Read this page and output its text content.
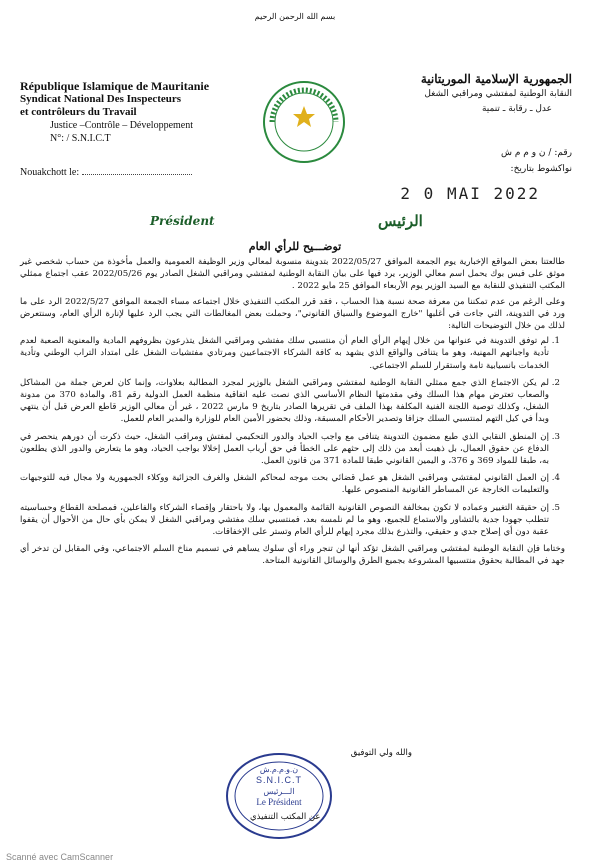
بسم الله الرحمن الرحيم
République Islamique de Mauritanie
Syndicat National Des Inspecteurs
et contrôleurs du Travail
Justice –Contrôle – Développement
N°: / S.N.I.C.T
Nouakchott le:
الجمهورية الإسلامية الموريتانية
النقابة الوطنية لمفتشي ومراقبي الشغل
عدل ـ رقابة ـ تنمية
رقم: / ن و م م ش
نواكشوط بتاريخ:
2 0 MAI 2022
Président	الرئيس
توضـــيح للرأي العام

طالعتنا بعض المواقع الإخبارية يوم الجمعة الموافق 2022/05/27 بتدوينة منسوبة لمعالي وزير الوظيفة العمومية والعمل مأخوذة من حساب شخصي غير موثق على فيس بوك يحمل اسم معالي الوزير، يرد فيها على بيان النقابة الوطنية لمفتشي ومراقبي الشغل الصادر يوم 2022/05/26 عقب اجتماع ممثلي المكتب التنفيذي للنقابة مع السيد الوزير يوم الأربعاء الموافق 25 مايو 2022 .

وعلى الرغم من عدم تمكننا من معرفة صحة نسبة هذا الحساب ، فقد قرر المكتب التنفيذي خلال اجتماعه مساء الجمعة الموافق 2022/5/27 الرد على ما ورد في التدوينة، التي جاءت في أغلبها "خارج الموضوع والسياق القانوني"، وحملت بعض المغالطات التي يجب الرد عليها لإنارة الرأي العام، وسنتعرض لذلك من خلال التوضيحات التالية:

1. لم توفق التدوينة في عنوانها من خلال إيهام الرأي العام أن منتسبي سلك مفتشي ومراقبي الشغل يتذرعون بظروفهم المادية والمعنوية الصعبة لعدم تأدية واجباتهم المهنية، وهو ما يتنافى والواقع الذي يشهد به كافة الشركاء الاجتماعيين ومرتادي مفتشيات الشغل على امتداد التراب الوطني وتأدية الخدمات بانسيابية تامة واستقرار للسلم الاجتماعي.
2. لم يكن الاجتماع الذي جمع ممثلي النقابة الوطنية لمفتشي ومراقبي الشغل بالوزير لمجرد المطالبة بعلاوات، وإنما كان لعرض جملة من المشاكل والصعاب تعترض مهام هذا السلك وفي مقدمتها النظام الأساسي الذي نصت عليه اتفاقية منظمة العمل الدولية رقم 81، والمادة 370 من مدونة الشغل، وكذلك توصية اللجنة الفنية المكلفة بهذا الملف في تقريرها الصادر بتاريخ 9 مارس 2022 ، غير أن معالي الوزير قاطع العرض قبل أن ينتهي وبدأ في كيل التهم لمنتسبي السلك جزافا وتصدير الأحكام المسبقة، وذلك بحضور الأمين العام للوزارة والمدير العام للعمل.
3. إن المنطق النقابي الذي طبع مضمون التدوينة يتنافى مع واجب الحياد والدور التحكيمي لمفتش ومراقب الشغل، حيث ذكرت أن دورهم ينحصر في الدفاع عن حقوق العمال، بل ذهبت أبعد من ذلك إلى حثهم على الخطأ في حق أرباب العمل إخلالا بواجب الحياد، وهو ما يتعارض والدور الذي يطلعون به، طبقا للمواد 369 و 376، و اليمين القانوني طبقا للمادة 371 من قانون العمل.
4. إن العمل القانوني لمفتشي ومراقبي الشغل هو عمل قضائي بحت موجه لمحاكم الشغل والغرف الجزائية ووكلاء الجمهورية ولا مجال فيه للتوجيهات والتعليمات الخارجة عن المساطر القانونية المنصوص عليها.
5. إن حقيقة التغيير وعماده لا تكون بمخالفة النصوص القانونية القائمة والمعمول بها، ولا باحتقار وإقصاء الشركاء والفاعلين، فمصلحة القطاع وحساسيته تتطلب جهودا جدية بالتشاور والاستماع للجميع، وهو ما لم نلمسه بعد، فمنتسبي سلك مفتشي ومراقبي الشغل لا يمكن بأي حال من الأحوال أن يقفوا عقبة دون أي إصلاح جدي و حقيقي، والتذرع بذلك مجرد إيهام للرأي العام وتستر على الإخفاقات.

وختاما فإن النقابة الوطنية لمفتشي ومراقبي الشغل تؤكد أنها لن تنجر وراء أي سلوك يساهم في تسميم مناخ السلم الاجتماعي، وفي المقابل لن تدخر أي جهد في المطالبة بحقوق منتسبيها المشروعة بجميع الطرق والوسائل القانونية المتاحة.

والله ولي التوفيق
ن.و.م.م.ش
S.N.I.C.T
الـــرئيس
Le Président
عن المكتب التنفيذي
Scanné avec CamScanner
